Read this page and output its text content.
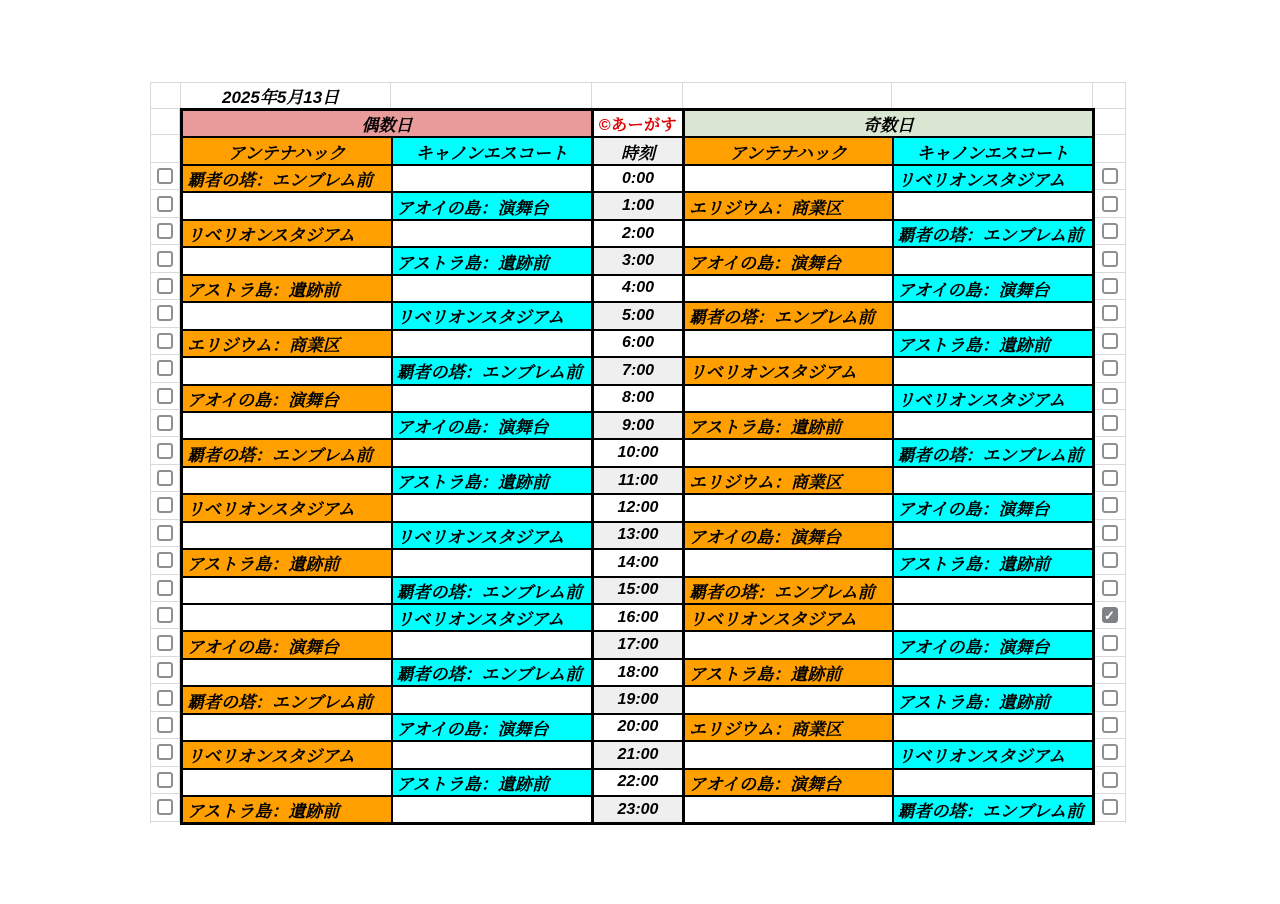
2025年5月13日
✓
偶数日		©あーがす	奇数日	
アンテナハック	キャノンエスコート	時刻	アンテナハック	キャノンエスコート
覇者の塔：エンブレム前		0:00		リベリオンスタジアム
	アオイの島：演舞台	1:00	エリジウム：商業区	
リベリオンスタジアム		2:00		覇者の塔：エンブレム前
	アストラ島：遺跡前	3:00	アオイの島：演舞台	
アストラ島：遺跡前		4:00		アオイの島：演舞台
	リベリオンスタジアム	5:00	覇者の塔：エンブレム前	
エリジウム：商業区		6:00		アストラ島：遺跡前
	覇者の塔：エンブレム前	7:00	リベリオンスタジアム	
アオイの島：演舞台		8:00		リベリオンスタジアム
	アオイの島：演舞台	9:00	アストラ島：遺跡前	
覇者の塔：エンブレム前		10:00		覇者の塔：エンブレム前
	アストラ島：遺跡前	11:00	エリジウム：商業区	
リベリオンスタジアム		12:00		アオイの島：演舞台
	リベリオンスタジアム	13:00	アオイの島：演舞台	
アストラ島：遺跡前		14:00		アストラ島：遺跡前
	覇者の塔：エンブレム前	15:00	覇者の塔：エンブレム前	
	リベリオンスタジアム	16:00	リベリオンスタジアム	
アオイの島：演舞台		17:00		アオイの島：演舞台
	覇者の塔：エンブレム前	18:00	アストラ島：遺跡前	
覇者の塔：エンブレム前		19:00		アストラ島：遺跡前
	アオイの島：演舞台	20:00	エリジウム：商業区	
リベリオンスタジアム		21:00		リベリオンスタジアム
	アストラ島：遺跡前	22:00	アオイの島：演舞台	
アストラ島：遺跡前		23:00		覇者の塔：エンブレム前
